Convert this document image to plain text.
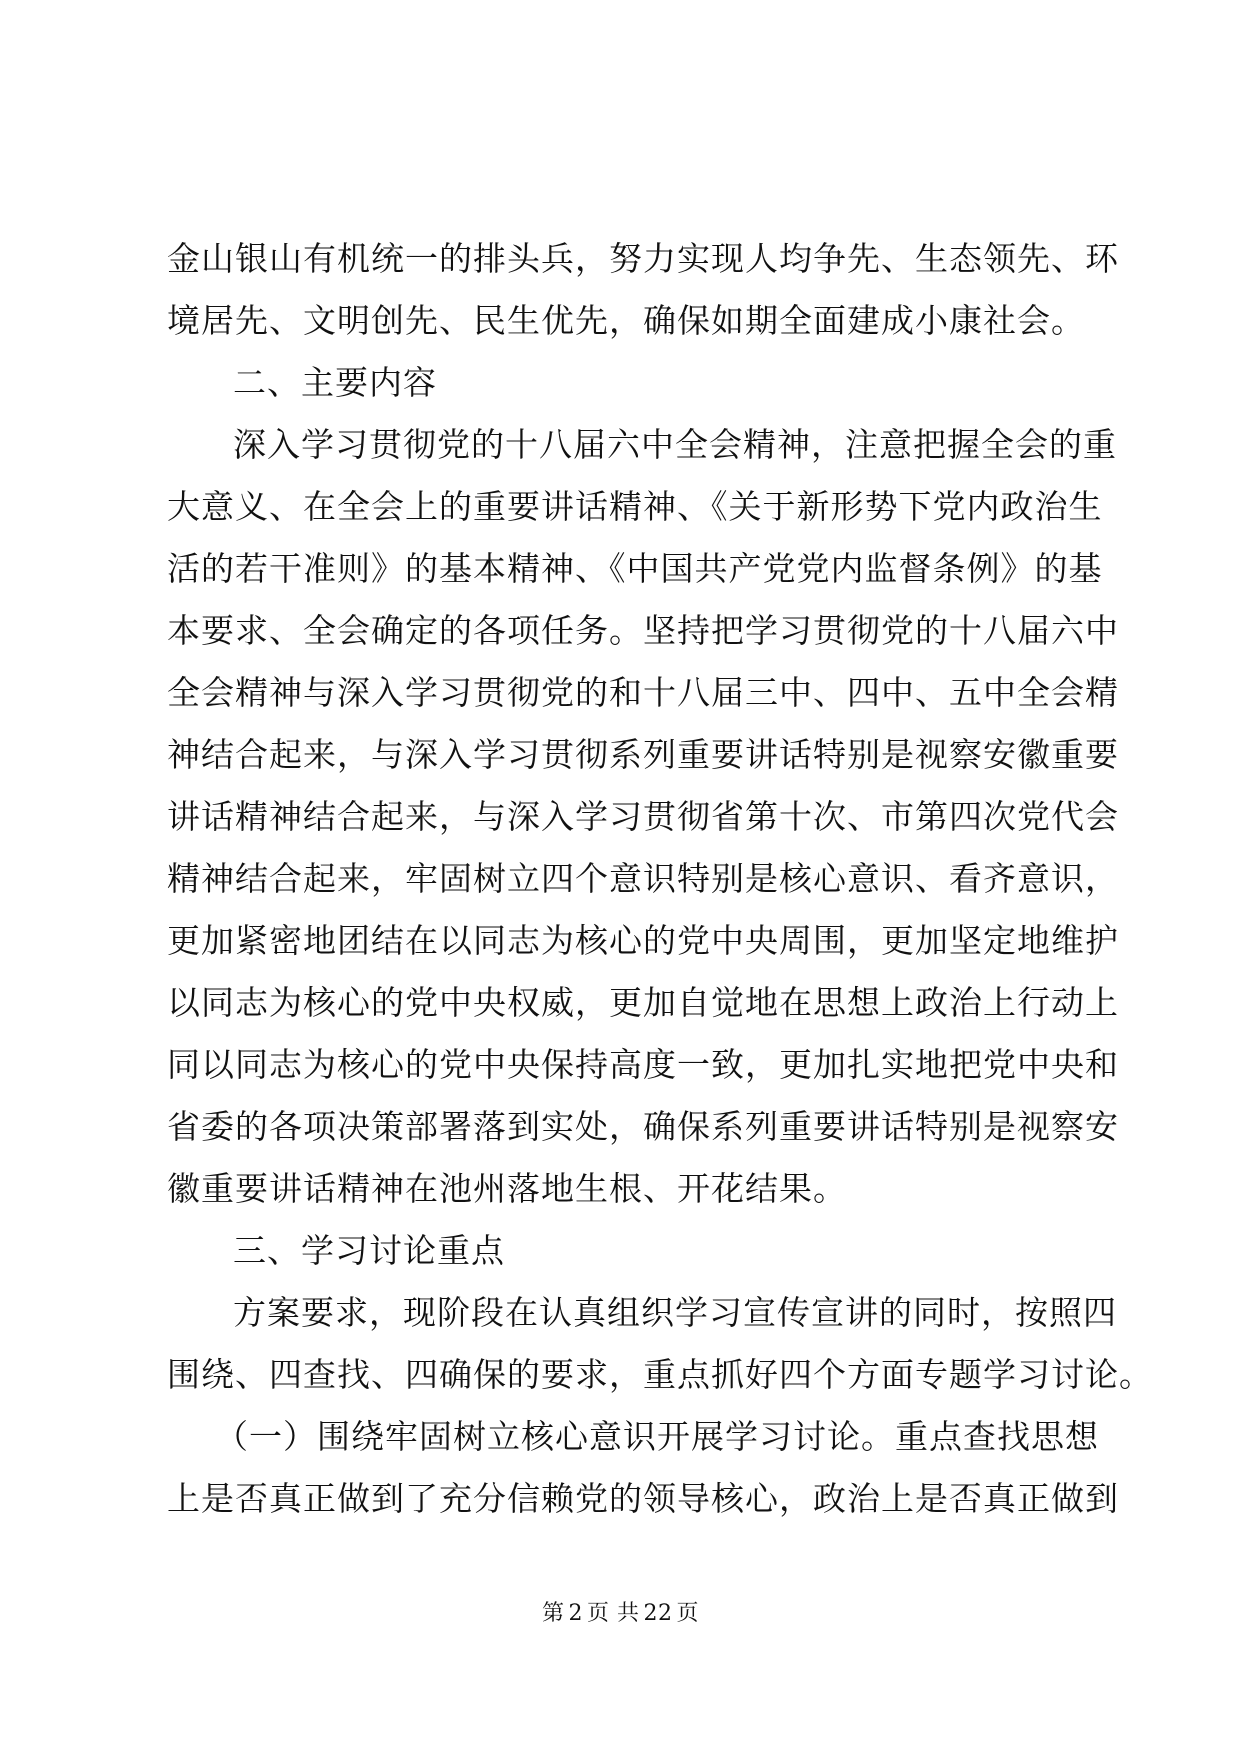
金山银山有机统一的排头兵，努力实现人均争先、生态领先、环
境居先、文明创先、民生优先，确保如期全面建成小康社会。
二、主要内容
深入学习贯彻党的十八届六中全会精神，注意把握全会的重
大意义、在全会上的重要讲话精神、《关于新形势下党内政治生
活的若干准则》的基本精神、《中国共产党党内监督条例》的基
本要求、全会确定的各项任务。坚持把学习贯彻党的十八届六中
全会精神与深入学习贯彻党的和十八届三中、四中、五中全会精
神结合起来，与深入学习贯彻系列重要讲话特别是视察安徽重要
讲话精神结合起来，与深入学习贯彻省第十次、市第四次党代会
精神结合起来，牢固树立四个意识特别是核心意识、看齐意识，
更加紧密地团结在以同志为核心的党中央周围，更加坚定地维护
以同志为核心的党中央权威，更加自觉地在思想上政治上行动上
同以同志为核心的党中央保持高度一致，更加扎实地把党中央和
省委的各项决策部署落到实处，确保系列重要讲话特别是视察安
徽重要讲话精神在池州落地生根、开花结果。
三、学习讨论重点
方案要求，现阶段在认真组织学习宣传宣讲的同时，按照四
围绕、四查找、四确保的要求，重点抓好四个方面专题学习讨论。
（一）围绕牢固树立核心意识开展学习讨论。重点查找思想
上是否真正做到了充分信赖党的领导核心，政治上是否真正做到
第 2 页 共 22 页
